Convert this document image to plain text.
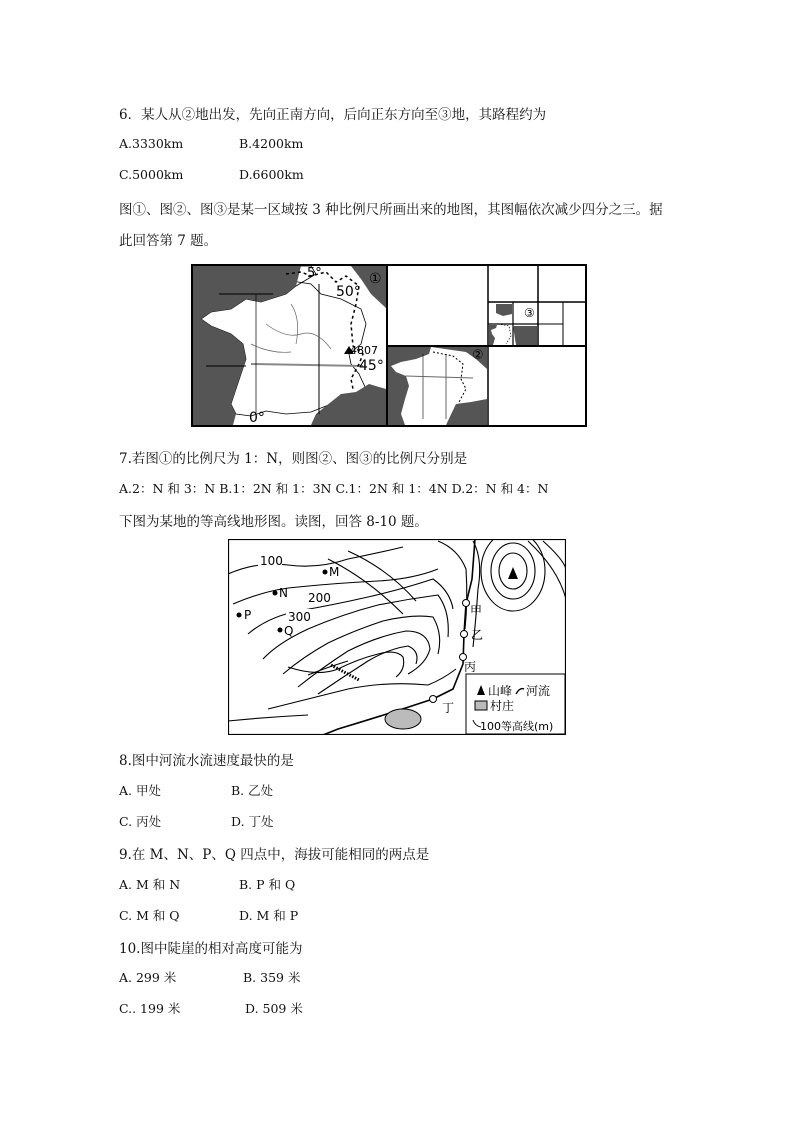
6．某人从②地出发，先向正南方向，后向正东方向至③地，其路程约为
A.3330km	B.4200km
C.5000km	D.6600km
图①、图②、图③是某一区域按 3 种比例尺所画出来的地图，其图幅依次减少四分之三。据
此回答第 7 题。
4807
5°
50°
45°
0°
①
②
③
7.若图①的比例尺为 1：N，则图②、图③的比例尺分别是
A.2：N 和 3：N B.1：2N 和 1：3N C.1：2N 和 1：4N D.2：N 和 4：N
下图为某地的等高线地形图。读图，回答 8-10 题。
甲
乙
丙
丁
M
N
P
Q
100
200
300
山峰 河流
村庄
100 等高线(m)
8.图中河流水流速度最快的是
A. 甲处	B. 乙处
C. 丙处	D. 丁处
9.在 M、N、P、Q 四点中，海拔可能相同的两点是
A. M 和 N	B. P 和 Q
C. M 和 Q	D. M 和 P
10.图中陡崖的相对高度可能为
A. 299 米	B. 359 米
C.. 199 米	D. 509 米
